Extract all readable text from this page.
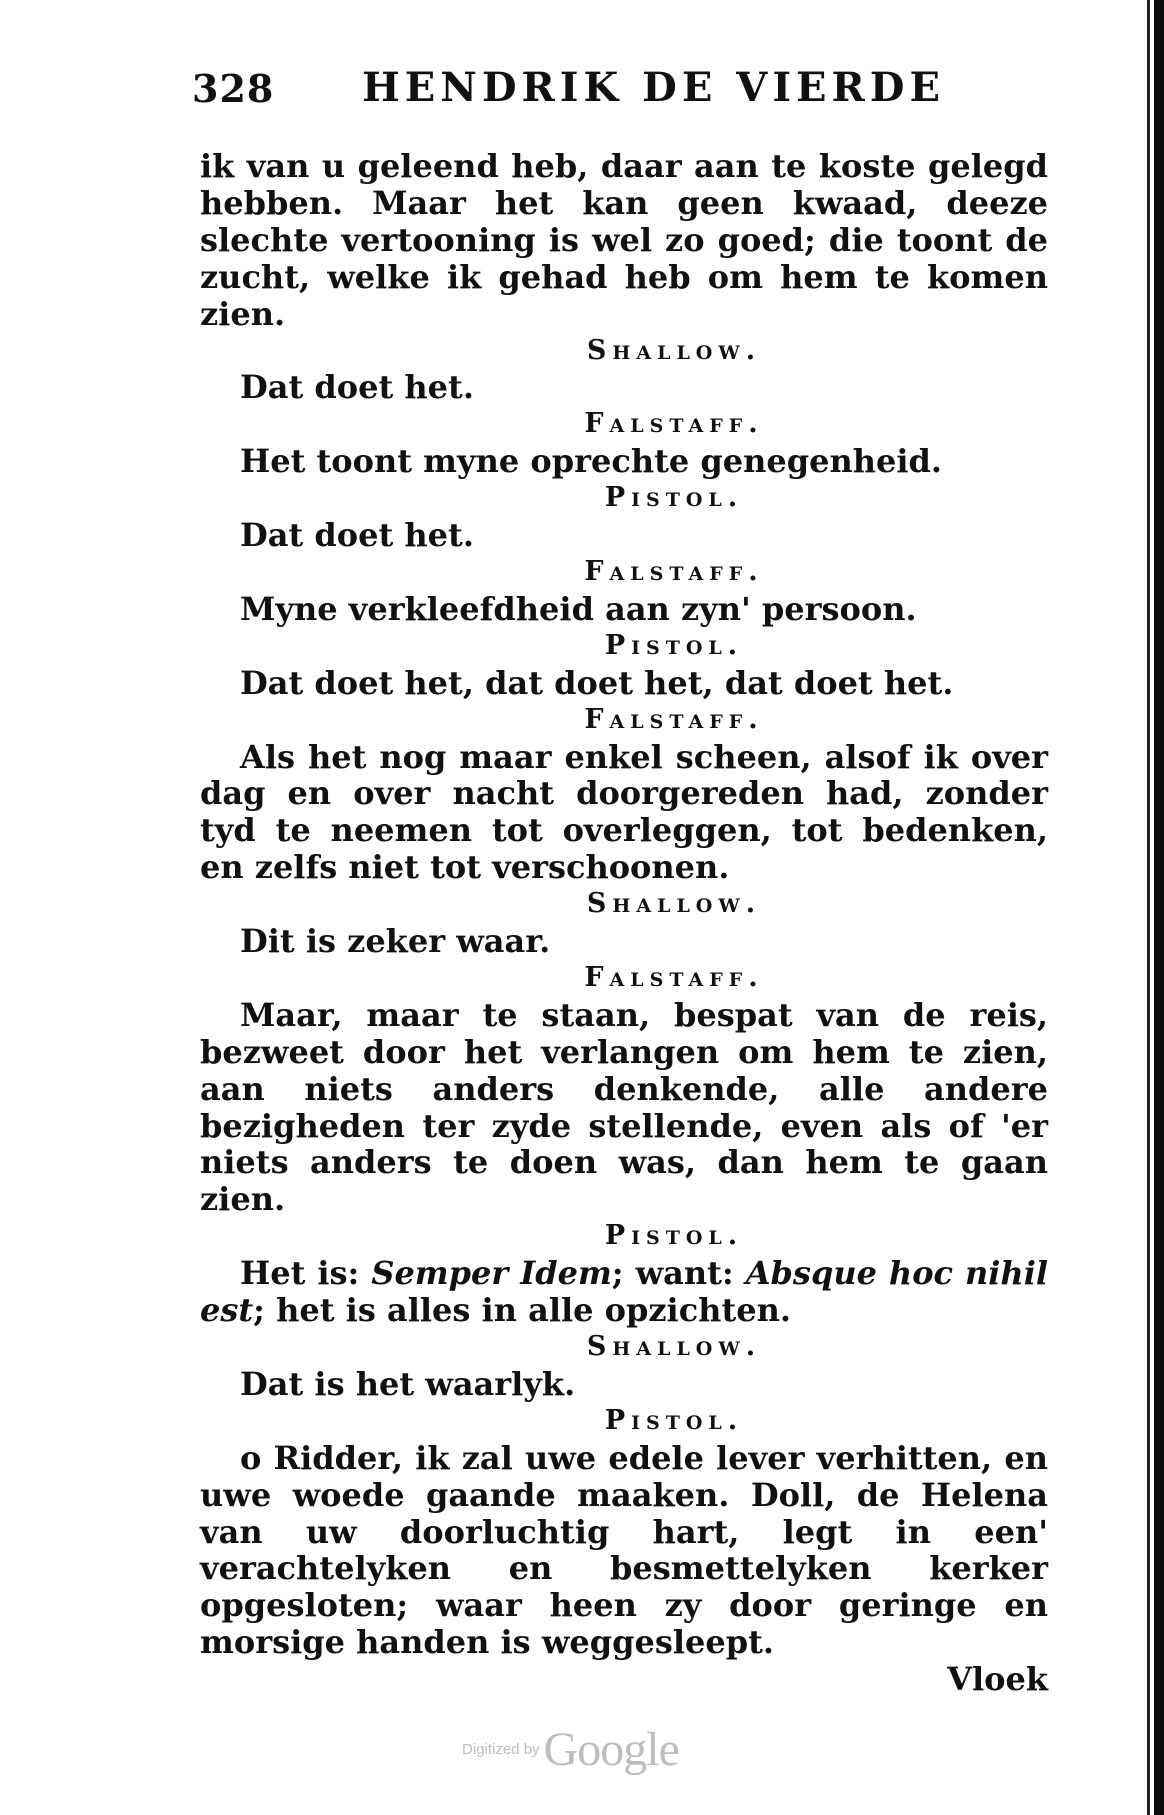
328 HENDRIK DE VIERDE

ik van u geleend heb, daar aan te koste gelegd hebben. Maar het kan geen kwaad, deeze slechte vertooning is wel zo goed; die toont de zucht, welke ik gehad heb om hem te komen zien.

Shallow.

Dat doet het.

Falstaff.

Het toont myne oprechte genegenheid.

Pistol.

Dat doet het.

Falstaff.

Myne verkleefdheid aan zyn' persoon.

Pistol.

Dat doet het, dat doet het, dat doet het.

Falstaff.

Als het nog maar enkel scheen, alsof ik over dag en over nacht doorgereden had, zonder tyd te neemen tot overleggen, tot bedenken, en zelfs niet tot verschoonen.

Shallow.

Dit is zeker waar.

Falstaff.

Maar, maar te staan, bespat van de reis, bezweet door het verlangen om hem te zien, aan niets anders denkende, alle andere bezigheden ter zyde stellende, even als of 'er niets anders te doen was, dan hem te gaan zien.

Pistol.

Het is: Semper Idem; want: Absque hoc nihil est; het is alles in alle opzichten.

Shallow.

Dat is het waarlyk.

Pistol.

o Ridder, ik zal uwe edele lever verhitten, en uwe woede gaande maaken. Doll, de Helena van uw doorluchtig hart, legt in een' verachtelyken en besmettelyken kerker opgesloten; waar heen zy door geringe en morsige handen is weggesleept.

Vloek

Digitized by Google
